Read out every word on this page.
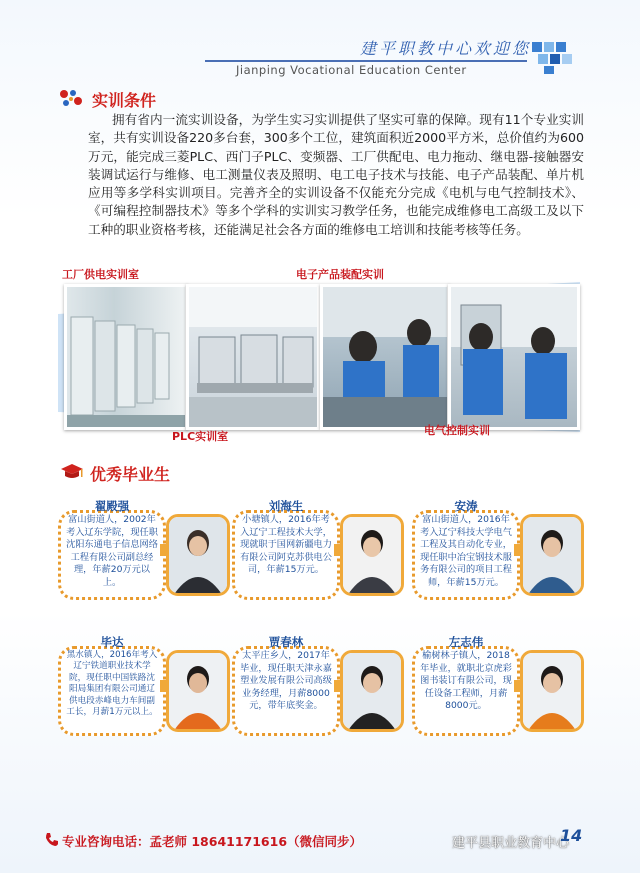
建平职教中心欢迎您
Jianping Vocational Education Center
实训条件
拥有省内一流实训设备，为学生实习实训提供了坚实可靠的保障。现有11个专业实训室，共有实训设备220多台套，300多个工位，建筑面积近2000平方米，总价值约为600万元，能完成三菱PLC、西门子PLC、变频器、工厂供配电、电力拖动、继电器-接触器安装调试运行与维修、电工测量仪表及照明、电工电子技术与技能、电子产品装配、单片机应用等多学科实训项目。完善齐全的实训设备不仅能充分完成《电机与电气控制技术》、《可编程控制器技术》等多个学科的实训实习教学任务，也能完成维修电工高级工及以下工种的职业资格考核，还能满足社会各方面的维修电工培训和技能考核等任务。
工厂供电实训室
PLC实训室
电子产品装配实训
电气控制实训
优秀毕业生
翟殿强
富山街道人，2002年考入辽东学院，现任职沈阳东通电子信息网络工程有限公司副总经理，年薪20万元以上。
刘海生
小塘镇人，2016年考入辽宁工程技术大学，现就职于国网新疆电力有限公司阿克苏供电公司，年薪15万元。
安涛
富山街道人，2016年考入辽宁科技大学电气工程及其自动化专业，现任职中冶宝钢技术服务有限公司的项目工程师，年薪15万元。
毕达
黑水镇人，2016年考入辽宁铁道职业技术学院，现任职中国铁路沈阳局集团有限公司通辽供电段赤峰电力车间副工长，月薪1万元以上。
贾春林
太平庄乡人，2017年毕业，现任职天津永嘉塑业发展有限公司高级业务经理，月薪8000元，带年底奖金。
左志伟
榆树林子镇人，2018年毕业，就职北京虎彩图书装订有限公司，现任设备工程师，月薪8000元。
专业咨询电话：孟老师 18641171616（微信同步）	建平县职业教育中心
14
